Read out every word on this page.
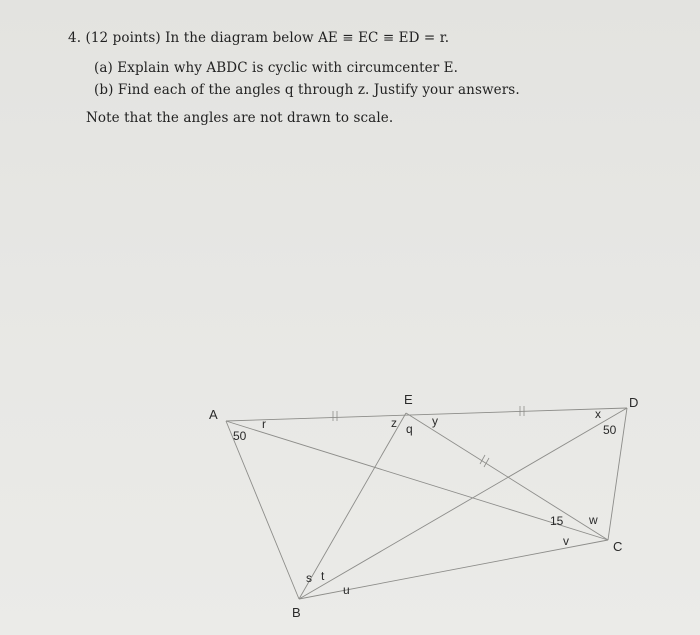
4. (12 points) In the diagram below AE ≡ EC ≡ ED = r.
(a) Explain why ABDC is cyclic with circumcenter E.
(b) Find each of the angles q through z. Justify your answers.
Note that the angles are not drawn to scale.
A
B
C
D
E
50	50
15
r
s t
u
v
w
x
y
z q
